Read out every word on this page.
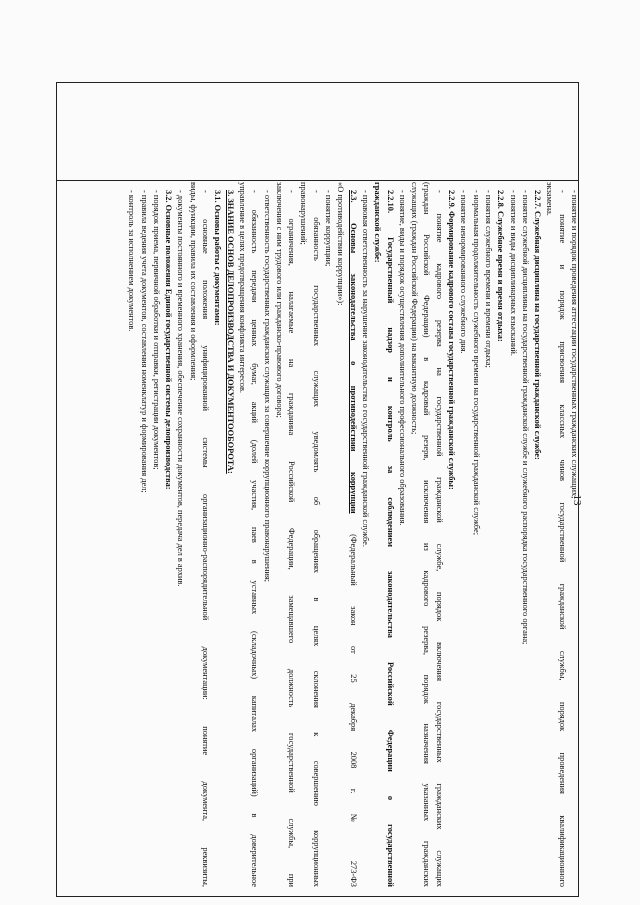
13
- понятие и порядок проведения аттестации государственных гражданских служащих;
- понятие и порядок присвоения классных чинов государственной гражданской службы, порядок проведения квалификационного
экзамена.
2.2.7. Служебная дисциплина на государственной гражданской службе:
- понятие служебной дисциплины на государственной гражданской службе и служебного распорядка государственного органа;
- понятие и виды дисциплинарных взысканий.
2.2.8. Служебное время и время отдыха:
- понятия служебного времени и времени отдыха;
- нормальная продолжительность служебного времени на государственной гражданской службе;
- понятие ненормированного служебного дня.
2.2.9. Формирование кадрового состава государственной гражданской службы:
- понятие кадрового резерва на государственной гражданской службе, порядок включения государственных гражданских служащих
(граждан Российской Федерации) в кадровый резерв, исключения из кадрового резерва, порядок назначения указанных гражданских
служащих (граждан Российской Федерации) на вакантную должность;
- понятие, виды и порядок осуществления дополнительного профессионального образования.
2.2.10. Государственный надзор и контроль за соблюдением законодательства Российской Федерации о государственной
гражданской службе:
- правовая ответственность за нарушение законодательства о государственной гражданской службе.
2.3. Основы законодательства о противодействии коррупции (Федеральный закон от 25 декабря 2008 г. № 273-ФЗ
«О противодействии коррупции»):
- понятие коррупции;
- обязанность государственных служащих уведомлять об обращениях в целях склонения к совершению коррупционных
правонарушений;
- ограничения, налагаемые на гражданина Российской Федерации, замещавшего должность государственной службы, при
заключении с ним трудового или гражданско-правового договора;
- ответственность государственных гражданских служащих за совершение коррупционного правонарушения;
- обязанность передачи ценных бумаг, акций (долей участия, паев в уставных (складочных) капиталах организаций) в доверительное
управление в целях предотвращения конфликта интересов.
3. ЗНАНИЕ ОСНОВ ДЕЛОПРОИЗВОДСТВА И ДОКУМЕНТООБОРОТА:
3.1. Основы работы с документами:
- основные положения унифицированной системы организационно-распорядительной документации: понятие документа, реквизиты,
виды, функции, правила их составления и оформления;
- документы постоянного и временного хранения, обеспечение сохранности документов, передача дел в архив.
3.2. Основные положения Единой государственной системы делопроизводства:
- порядок приема, первичной обработки и отправки, регистрации документов;
- правила ведения учета документов, составления номенклатур и формирования дел;
- контроль за исполнением документов.
